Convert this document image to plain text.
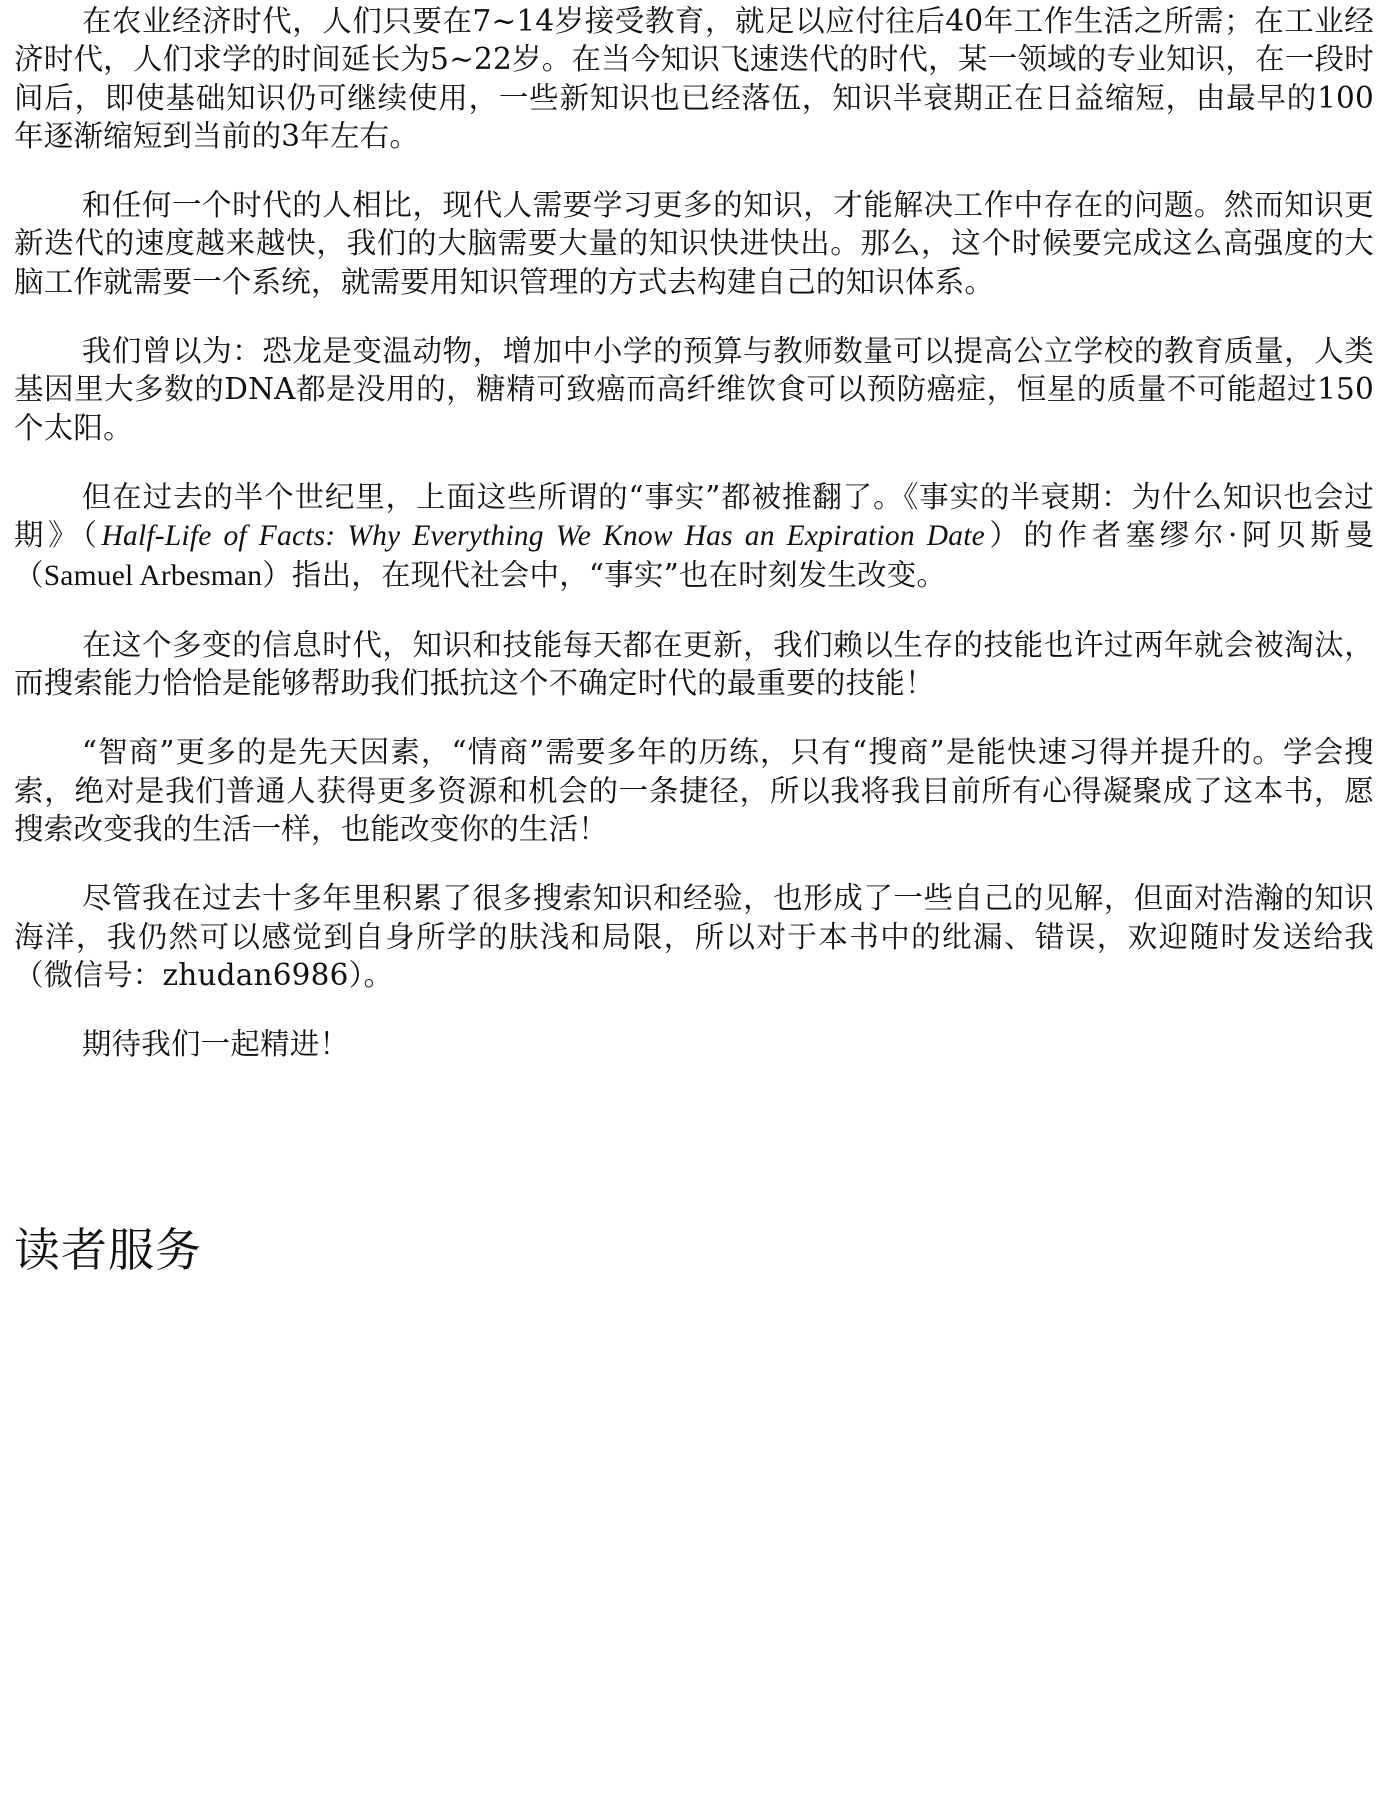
在农业经济时代，人们只要在7~14岁接受教育，就足以应付往后40年工作生活之所需；在工业经济时代，人们求学的时间延长为5~22岁。在当今知识飞速迭代的时代，某一领域的专业知识，在一段时间后，即使基础知识仍可继续使用，一些新知识也已经落伍，知识半衰期正在日益缩短，由最早的100年逐渐缩短到当前的3年左右。

和任何一个时代的人相比，现代人需要学习更多的知识，才能解决工作中存在的问题。然而知识更新迭代的速度越来越快，我们的大脑需要大量的知识快进快出。那么，这个时候要完成这么高强度的大脑工作就需要一个系统，就需要用知识管理的方式去构建自己的知识体系。

我们曾以为：恐龙是变温动物，增加中小学的预算与教师数量可以提高公立学校的教育质量，人类基因里大多数的DNA都是没用的，糖精可致癌而高纤维饮食可以预防癌症，恒星的质量不可能超过150个太阳。

但在过去的半个世纪里，上面这些所谓的“事实”都被推翻了。《事实的半衰期：为什么知识也会过期》（Half-Life of Facts: Why Everything We Know Has an Expiration Date）的作者塞缪尔·阿贝斯曼（Samuel Arbesman）指出，在现代社会中，“事实”也在时刻发生改变。

在这个多变的信息时代，知识和技能每天都在更新，我们赖以生存的技能也许过两年就会被淘汰，而搜索能力恰恰是能够帮助我们抵抗这个不确定时代的最重要的技能！

“智商”更多的是先天因素，“情商”需要多年的历练，只有“搜商”是能快速习得并提升的。学会搜索，绝对是我们普通人获得更多资源和机会的一条捷径，所以我将我目前所有心得凝聚成了这本书，愿搜索改变我的生活一样，也能改变你的生活！

尽管我在过去十多年里积累了很多搜索知识和经验，也形成了一些自己的见解，但面对浩瀚的知识海洋，我仍然可以感觉到自身所学的肤浅和局限，所以对于本书中的纰漏、错误，欢迎随时发送给我（微信号：zhudan6986）。

期待我们一起精进！

读者服务
